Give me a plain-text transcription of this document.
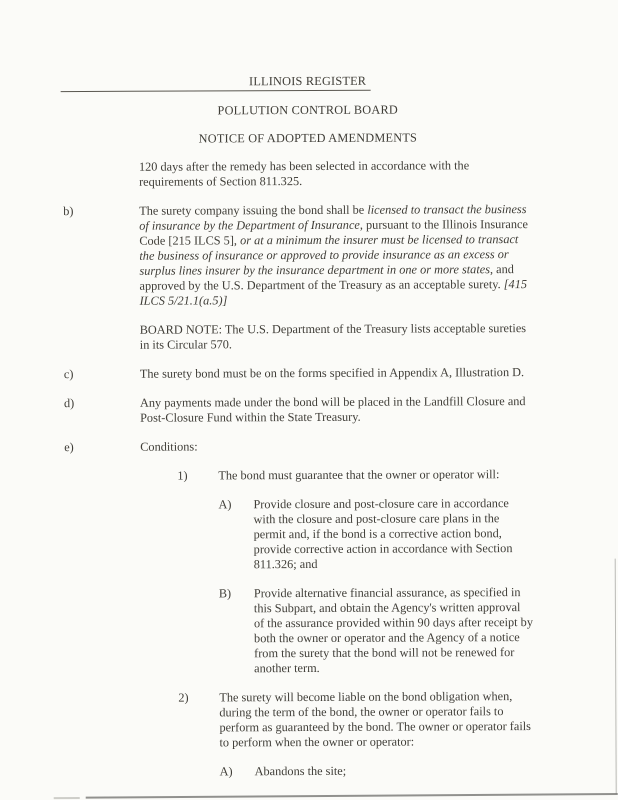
ILLINOIS REGISTER
POLLUTION CONTROL BOARD
NOTICE OF ADOPTED AMENDMENTS

120 days after the remedy has been selected in accordance with the requirements of Section 811.325.

b)	The surety company issuing the bond shall be licensed to transact the business of insurance by the Department of Insurance, pursuant to the Illinois Insurance Code [215 ILCS 5], or at a minimum the insurer must be licensed to transact the business of insurance or approved to provide insurance as an excess or surplus lines insurer by the insurance department in one or more states, and approved by the U.S. Department of the Treasury as an acceptable surety. [415 ILCS 5/21.1(a.5)]

BOARD NOTE: The U.S. Department of the Treasury lists acceptable sureties in its Circular 570.

c)	The surety bond must be on the forms specified in Appendix A, Illustration D.

d)	Any payments made under the bond will be placed in the Landfill Closure and Post-Closure Fund within the State Treasury.

e)	Conditions:

1)	The bond must guarantee that the owner or operator will:

A)	Provide closure and post-closure care in accordance with the closure and post-closure care plans in the permit and, if the bond is a corrective action bond, provide corrective action in accordance with Section 811.326; and

B)	Provide alternative financial assurance, as specified in this Subpart, and obtain the Agency's written approval of the assurance provided within 90 days after receipt by both the owner or operator and the Agency of a notice from the surety that the bond will not be renewed for another term.

2)	The surety will become liable on the bond obligation when, during the term of the bond, the owner or operator fails to perform as guaranteed by the bond. The owner or operator fails to perform when the owner or operator:

A)	Abandons the site;
